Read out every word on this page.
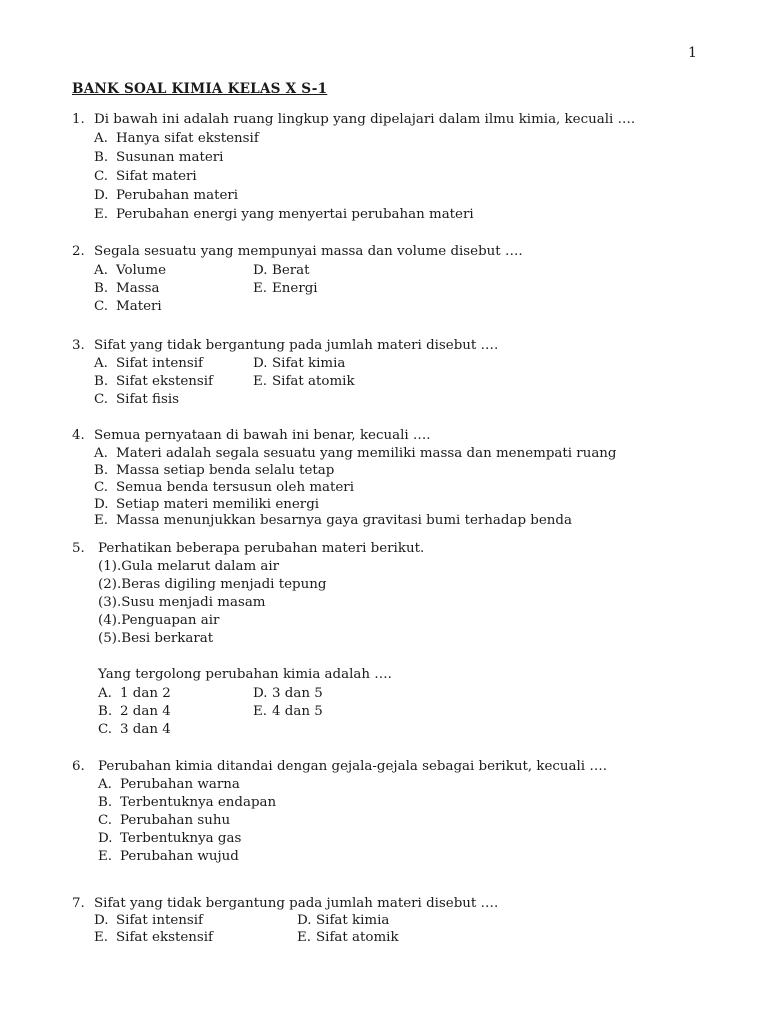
1
BANK SOAL KIMIA KELAS X S-1
1. Di bawah ini adalah ruang lingkup yang dipelajari dalam ilmu kimia, kecuali ….
A. Hanya sifat ekstensif
B. Susunan materi
C. Sifat materi
D. Perubahan materi
E. Perubahan energi yang menyertai perubahan materi
2. Segala sesuatu yang mempunyai massa dan volume disebut ….
A. Volume
B. Massa
C. Materi
D. Berat
E. Energi
3. Sifat yang tidak bergantung pada jumlah materi disebut ….
A. Sifat intensif
B. Sifat ekstensif
C. Sifat fisis
D. Sifat kimia
E. Sifat atomik
4. Semua pernyataan di bawah ini benar, kecuali ….
A. Materi adalah segala sesuatu yang memiliki massa dan menempati ruang
B. Massa setiap benda selalu tetap
C. Semua benda tersusun oleh materi
D. Setiap materi memiliki energi
E. Massa menunjukkan besarnya gaya gravitasi bumi terhadap benda
5. Perhatikan beberapa perubahan materi berikut.
(1).Gula melarut dalam air
(2).Beras digiling menjadi tepung
(3).Susu menjadi masam
(4).Penguapan air
(5).Besi berkarat
Yang tergolong perubahan kimia adalah ….
A. 1 dan 2
B. 2 dan 4
C. 3 dan 4
D. 3 dan 5
E. 4 dan 5
6. Perubahan kimia ditandai dengan gejala-gejala sebagai berikut, kecuali ….
A. Perubahan warna
B. Terbentuknya endapan
C. Perubahan suhu
D. Terbentuknya gas
E. Perubahan wujud
7. Sifat yang tidak bergantung pada jumlah materi disebut ….
D. Sifat intensif
E. Sifat ekstensif
D. Sifat kimia
E. Sifat atomik
